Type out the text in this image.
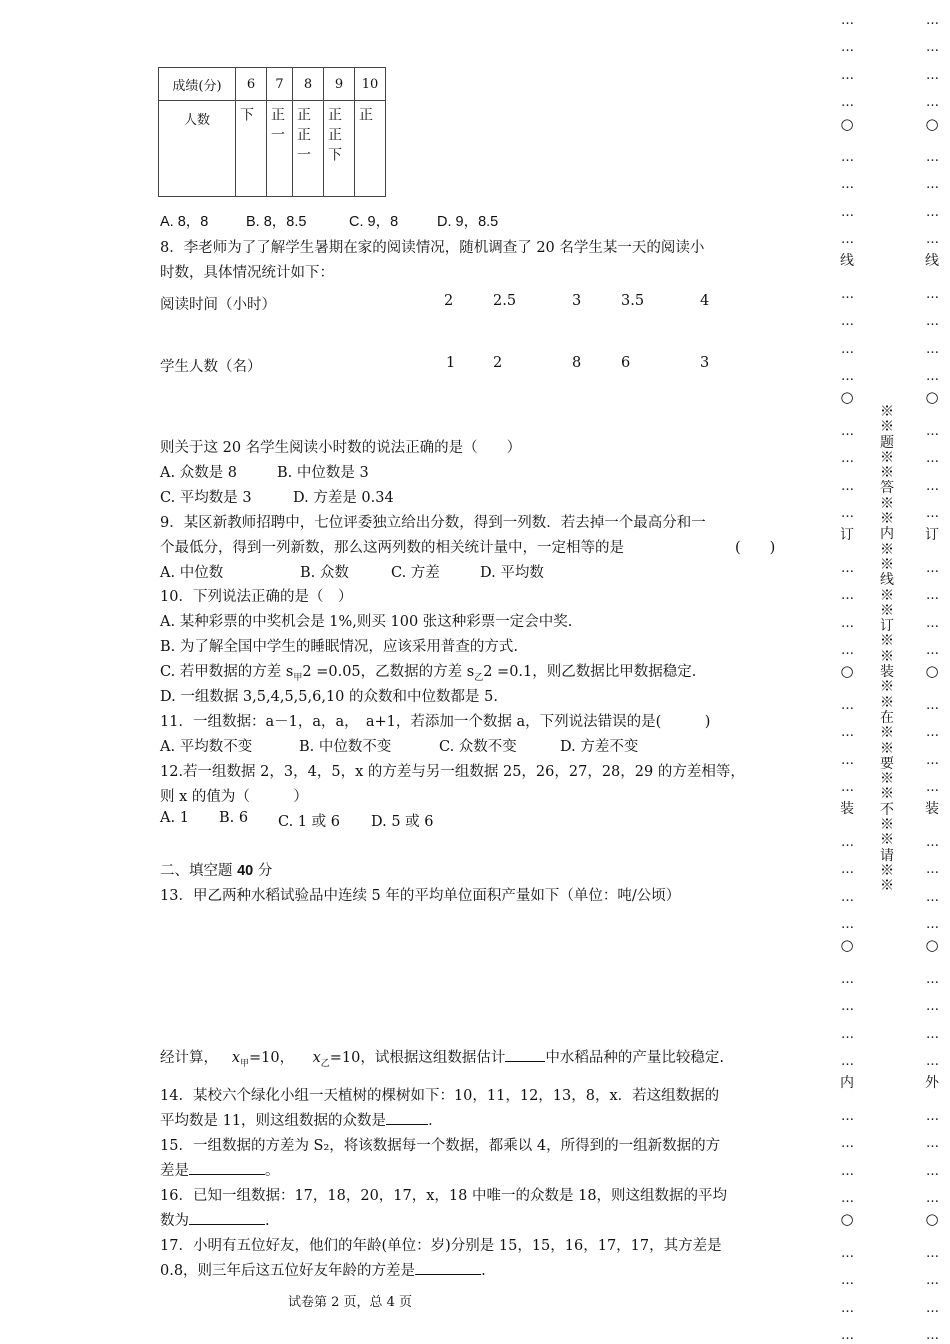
成绩(分)	6	7	8	9	10
人数	下	正一	正正一	正正下	正
A. 8，8	B. 8，8.5	C. 9，8	D. 9，8.5
8．李老师为了了解学生暑期在家的阅读情况，随机调查了 20 名学生某一天的阅读小
时数，具体情况统计如下：
阅读时间（小时）	2	2.5	3	3.5	4
学生人数（名）	1	2	8	6	3
则关于这 20 名学生阅读小时数的说法正确的是（　　）
A. 众数是 8	B. 中位数是 3
C. 平均数是 3	D. 方差是 0.34
9．某区新教师招聘中，七位评委独立给出分数，得到一列数．若去掉一个最高分和一
个最低分，得到一列新数，那么这两列数的相关统计量中，一定相等的是	(　　)
A. 中位数	B. 众数	C. 方差	D. 平均数
10．下列说法正确的是（　）
A. 某种彩票的中奖机会是 1%,则买 100 张这种彩票一定会中奖.
B. 为了解全国中学生的睡眠情况，应该采用普查的方式.
C. 若甲数据的方差 $s_甲2 =0.05$，乙数据的方差 $s_乙2 =0.1$，则乙数据比甲数据稳定.
D. 一组数据 3,5,4,5,5,6,10 的众数和中位数都是 5.
11．一组数据：a－1，a，a，　a+1，若添加一个数据 a，下列说法错误的是(　　　)
A. 平均数不变	B. 中位数不变	C. 众数不变	D. 方差不变
12.若一组数据 2，3，4，5，x 的方差与另一组数据 25，26，27，28，29 的方差相等，
则 x 的值为（　　　）
A. 1 B. 6 C. 1 或 6 D. 5 或 6
二、填空题 40 分
13．甲乙两种水稻试验品中连续 5 年的平均单位面积产量如下（单位：吨/公顷）
经计算， $x_甲=10$， $x_乙=10$，试根据这组数据估计	中水稻品种的产量比较稳定.
14．某校六个绿化小组一天植树的棵树如下：10，11，12，13，8，x．若这组数据的
平均数是 11，则这组数据的众数是	．
15．一组数据的方差为 S₂，将该数据每一个数据，都乘以 4，所得到的一组新数据的方
差是	。
16．已知一组数据：17，18，20，17，x，18 中唯一的众数是 18，则这组数据的平均
数为	.
17．小明有五位好友，他们的年龄(单位：岁)分别是 15，15，16，17，17，其方差是
0.8，则三年后这五位好友年龄的方差是	.
试卷第 2 页，总 4 页
…
…
…
…
…
…
…
…
…
…
…
…
…
…
…
…
…
…
…
…
…
…
…
…
…
…
…
…
…
…
…
…
…
…
…
…
…
…
…
…
○
○
○
○
○
线
订
装
内
※※题※※答※※内※※线※※订※※装※※在※※要※※不※※请※※
…
…
…
…
…
…
…
…
…
…
…
…
…
…
…
…
…
…
…
…
…
…
…
…
…
…
…
…
…
…
…
…
…
…
…
…
…
…
…
…
○
○
○
○
○
线
订
装
外
